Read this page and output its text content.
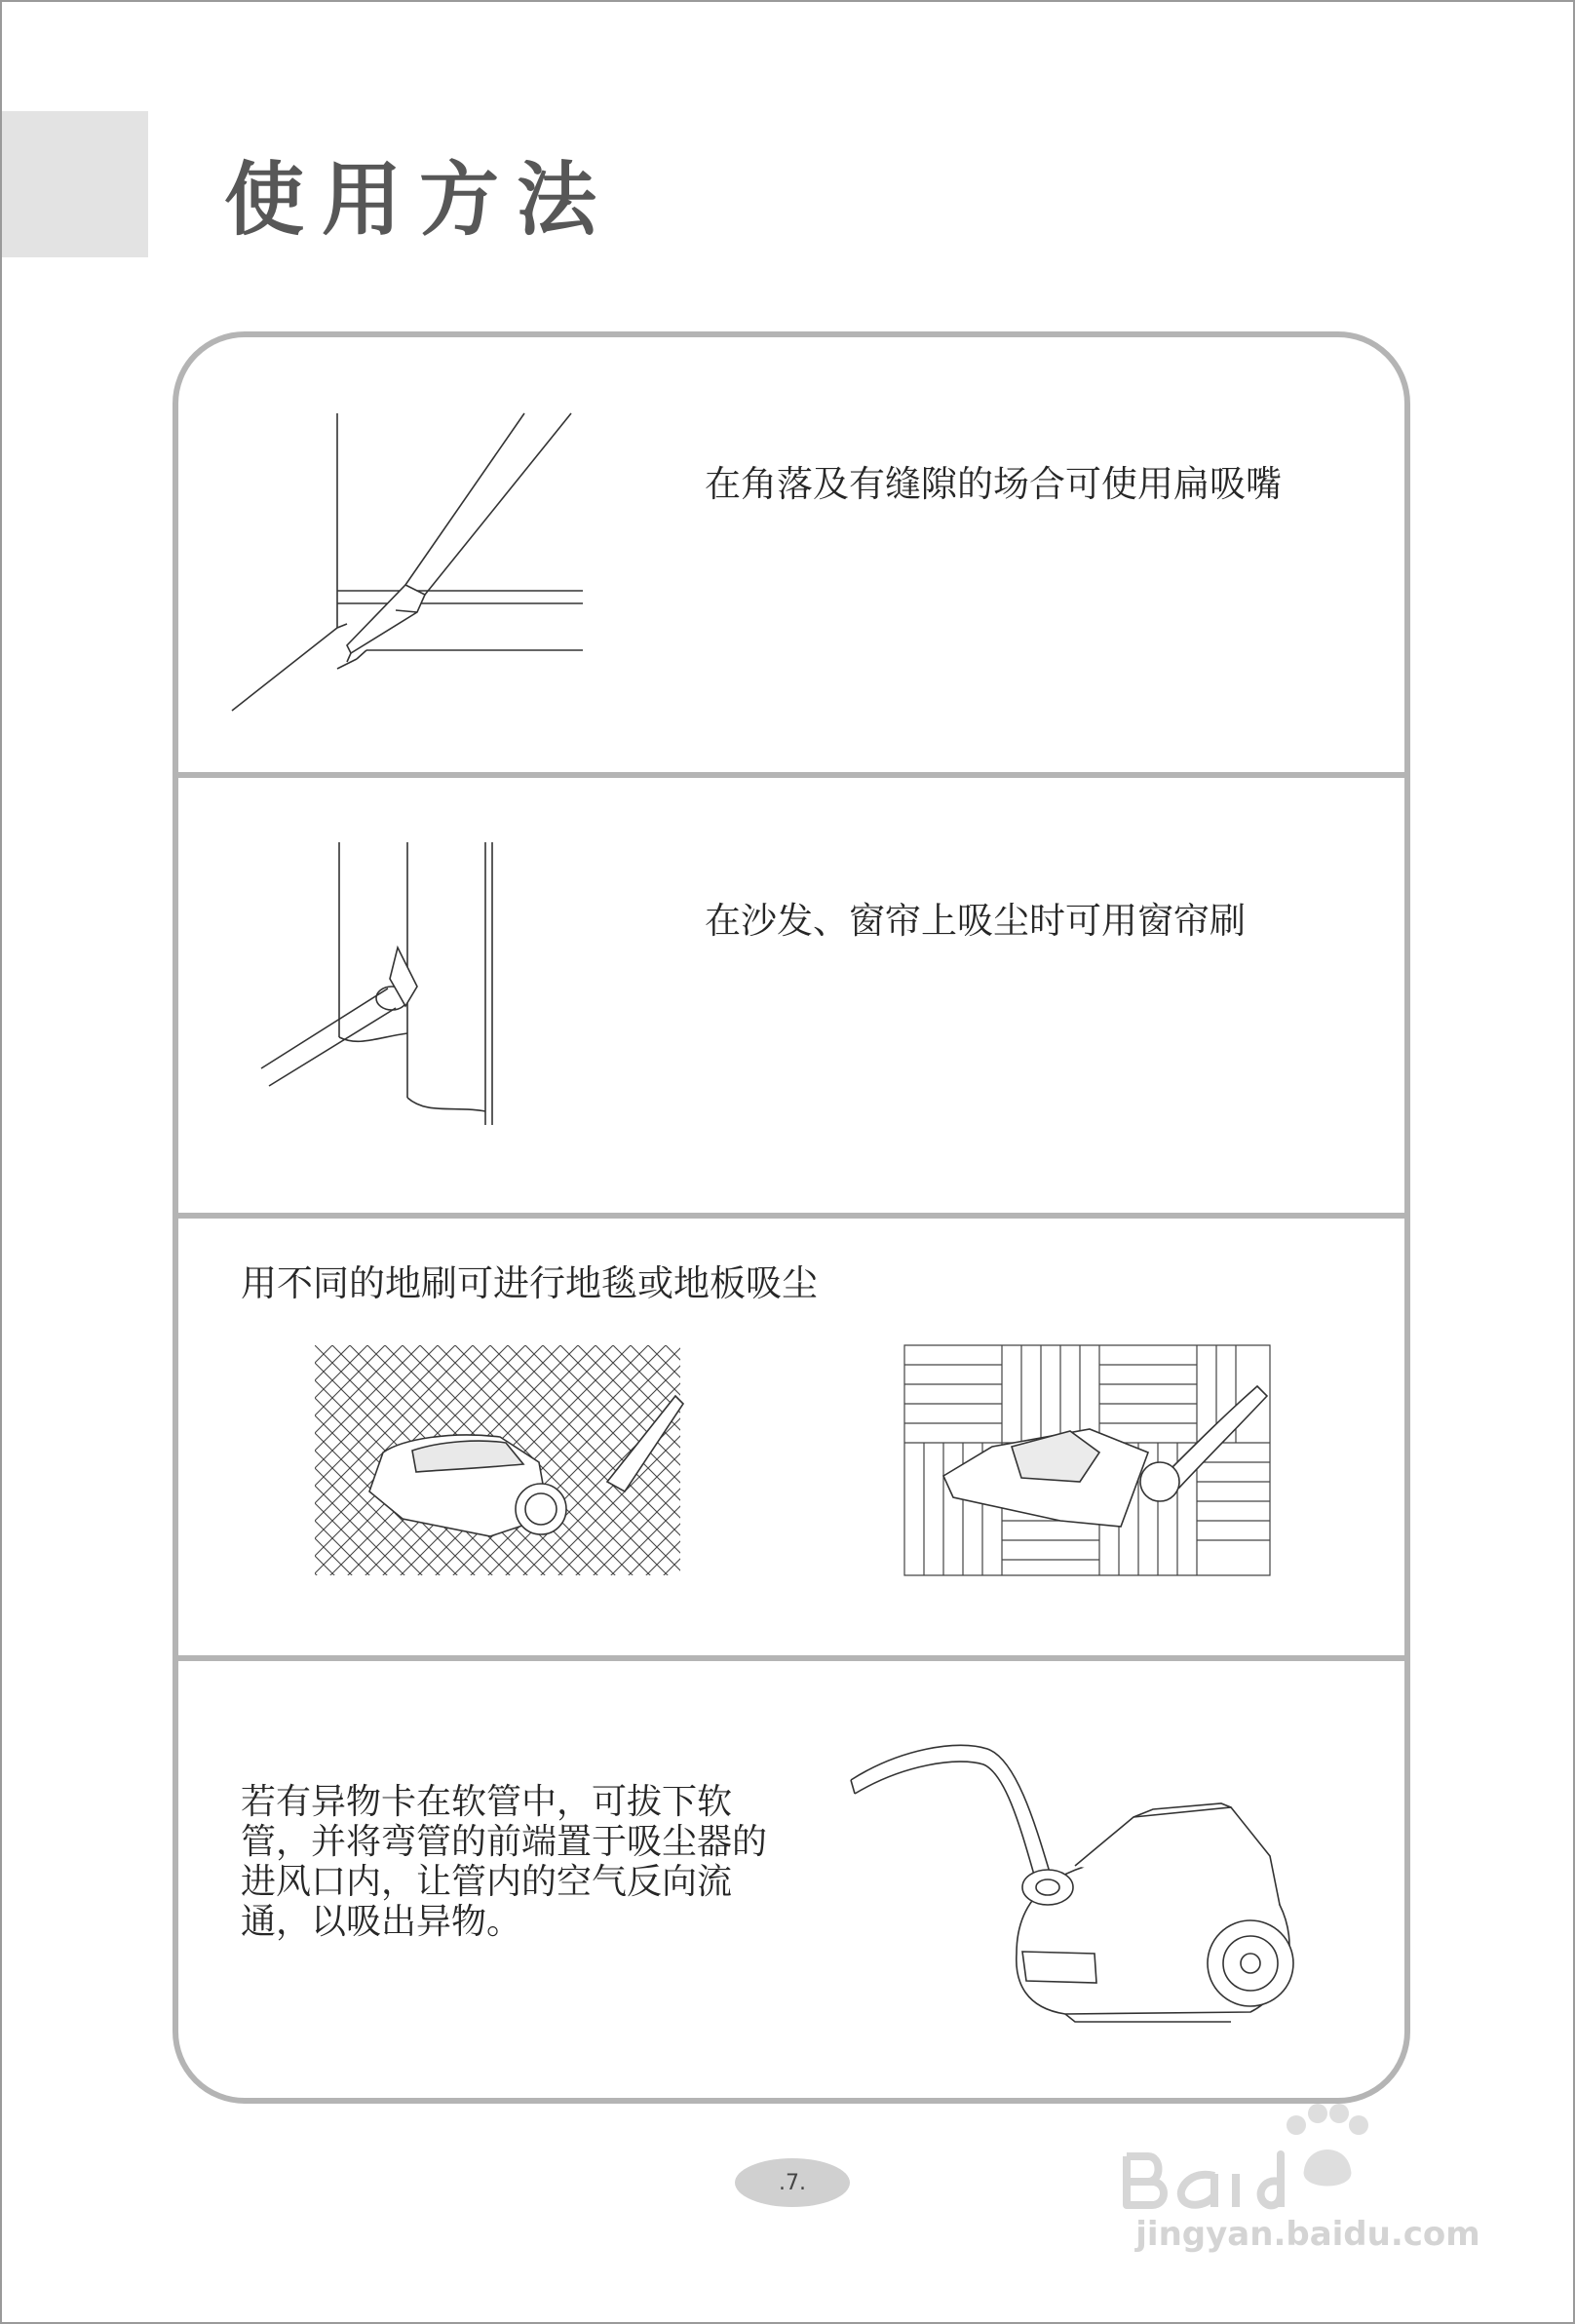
使用方法
在角落及有缝隙的场合可使用扁吸嘴
在沙发、窗帘上吸尘时可用窗帘刷
用不同的地刷可进行地毯或地板吸尘
若有异物卡在软管中，可拔下软管，并将弯管的前端置于吸尘器的进风口内，让管内的空气反向流通，以吸出异物。
.7.
jingyan.baidu.com
